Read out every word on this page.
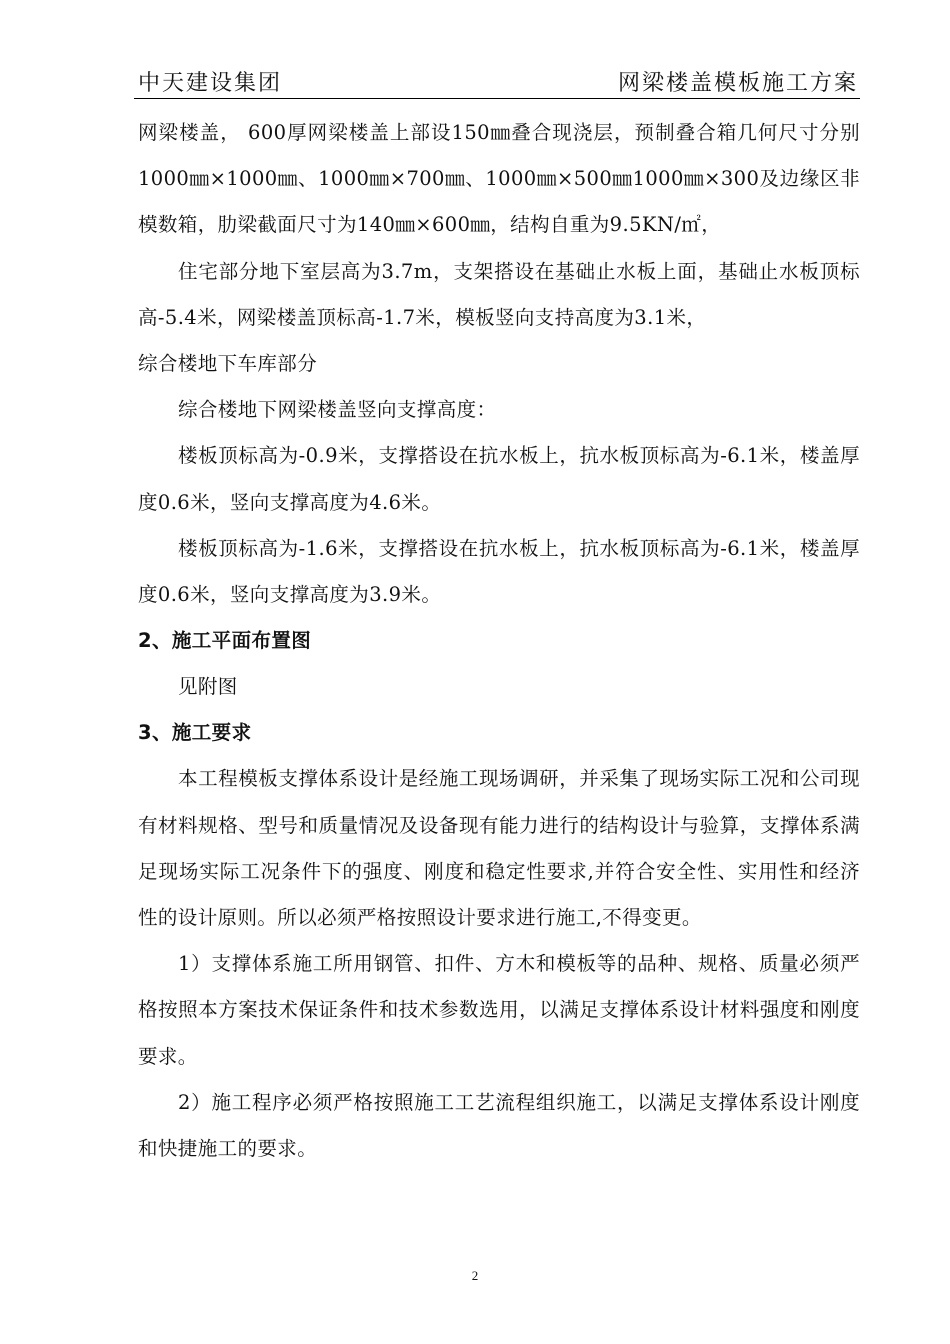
中天建设集团	网梁楼盖模板施工方案

网梁楼盖， 600厚网梁楼盖上部设150㎜叠合现浇层，预制叠合箱几何尺寸分别1000㎜×1000㎜、1000㎜×700㎜、1000㎜×500㎜1000㎜×300及边缘区非模数箱，肋梁截面尺寸为140㎜×600㎜，结构自重为9.5KN/㎡，

住宅部分地下室层高为3.7m，支架搭设在基础止水板上面，基础止水板顶标高-5.4米，网梁楼盖顶标高-1.7米，模板竖向支持高度为3.1米，

综合楼地下车库部分

综合楼地下网梁楼盖竖向支撑高度：

楼板顶标高为-0.9米，支撑搭设在抗水板上，抗水板顶标高为-6.1米，楼盖厚度0.6米，竖向支撑高度为4.6米。

楼板顶标高为-1.6米，支撑搭设在抗水板上，抗水板顶标高为-6.1米，楼盖厚度0.6米，竖向支撑高度为3.9米。

2、施工平面布置图

见附图

3、施工要求

本工程模板支撑体系设计是经施工现场调研，并采集了现场实际工况和公司现有材料规格、型号和质量情况及设备现有能力进行的结构设计与验算，支撑体系满足现场实际工况条件下的强度、刚度和稳定性要求,并符合安全性、实用性和经济性的设计原则。所以必须严格按照设计要求进行施工,不得变更。

1）支撑体系施工所用钢管、扣件、方木和模板等的品种、规格、质量必须严格按照本方案技术保证条件和技术参数选用，以满足支撑体系设计材料强度和刚度要求。

2）施工程序必须严格按照施工工艺流程组织施工，以满足支撑体系设计刚度和快捷施工的要求。

2
